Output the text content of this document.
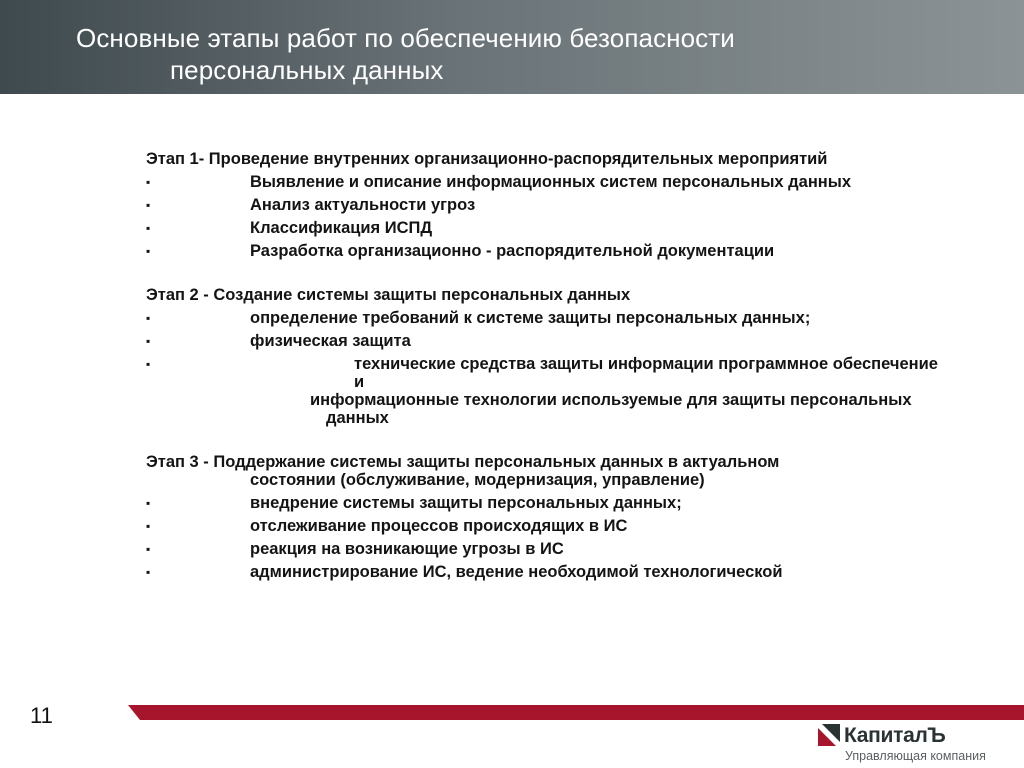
Основные этапы работ по обеспечению безопасности
персональных данных
Этап 1- Проведение внутренних организационно-распорядительных мероприятий
▪	Выявление и описание информационных систем персональных данных
▪	Анализ актуальности угроз
▪	Классификация ИСПД
▪	Разработка организационно - распорядительной документации
Этап 2 - Создание системы защиты персональных данных
▪	определение требований к системе защиты персональных данных;
▪	физическая защита
▪	технические средства защиты информации программное обеспечение и
информационные технологии используемые для защиты персональныхданных
Этап 3 - Поддержание системы защиты персональных данных в актуальном
состоянии (обслуживание, модернизация, управление)
▪	внедрение системы защиты персональных данных;
▪	отслеживание процессов происходящих в ИС
▪	реакция на возникающие угрозы в ИС
▪	администрирование ИС, ведение необходимой технологической
11
КапиталЪ
Управляющая компания
